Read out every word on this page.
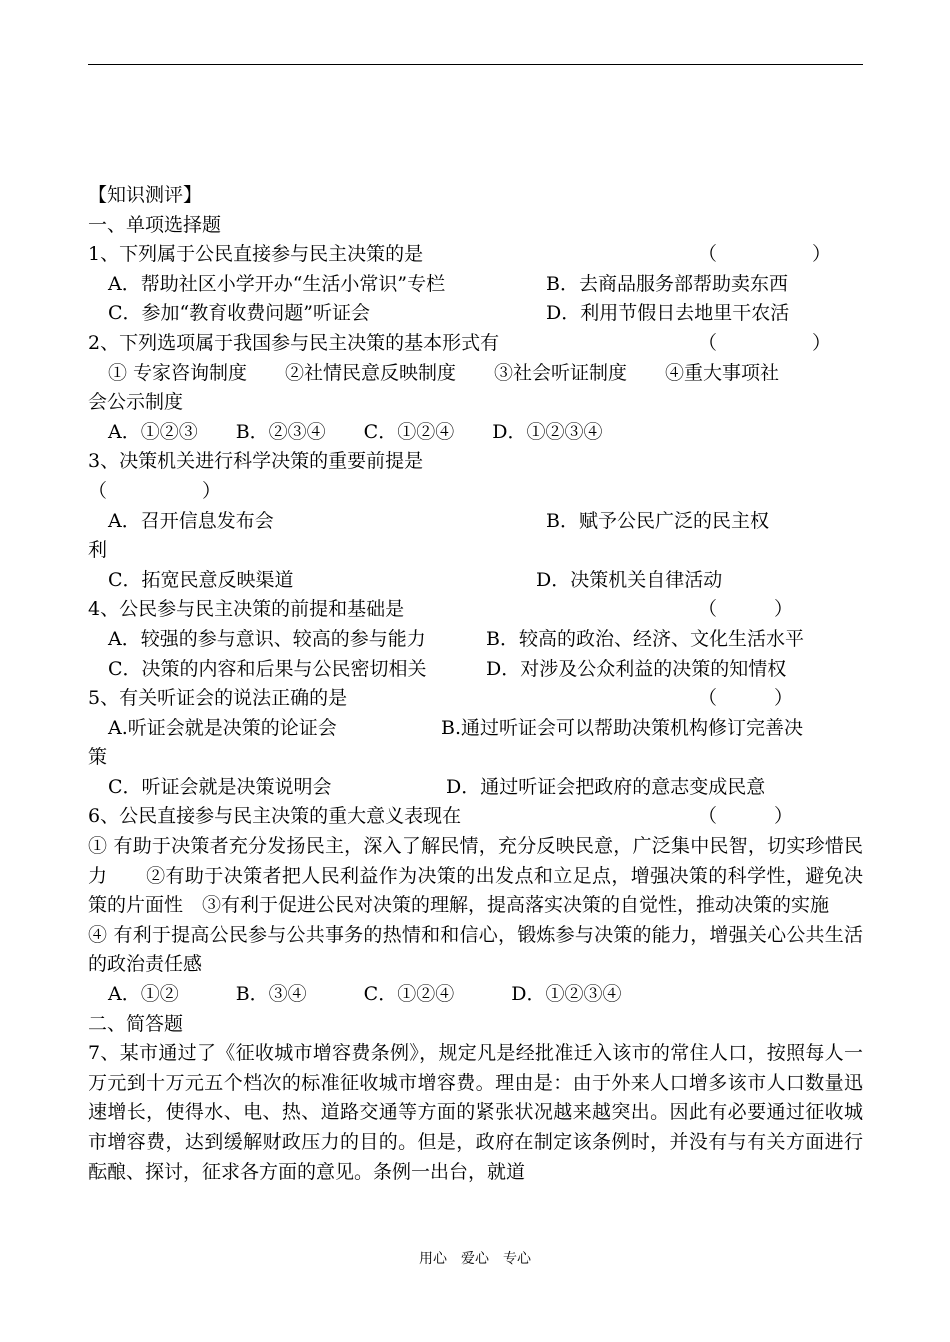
【知识测评】
一、单项选择题

1、下列属于公民直接参与民主决策的是

	（　　　　　）

A．帮助社区小学开办“生活小常识”专栏

	B．去商品服务部帮助卖东西

C．参加“教育收费问题”听证会

	D．利用节假日去地里干农活

2、下列选项属于我国参与民主决策的基本形式有

	（　　　　　）

① 专家咨询制度　　②社情民意反映制度　　③社会听证制度　　④重大事项社
会公示制度
A．①②③　　B．②③④　　C．①②④　　D．①②③④
3、决策机关进行科学决策的重要前提是
（　　　　　）

A．召开信息发布会

	B．赋予公民广泛的民主权

利

C．拓宽民意反映渠道

	D．决策机关自律活动

4、公民参与民主决策的前提和基础是

	（　　　）

A．较强的参与意识、较高的参与能力

	B．较高的政治、经济、文化生活水平

C．决策的内容和后果与公民密切相关

	D．对涉及公众利益的决策的知情权

5、有关听证会的说法正确的是

	（　　　）

A.听证会就是决策的论证会

	B.通过听证会可以帮助决策机构修订完善决

策

C．听证会就是决策说明会

	D．通过听证会把政府的意志变成民意

6、公民直接参与民主决策的重大意义表现在

	（　　　）

① 有助于决策者充分发扬民主，深入了解民情，充分反映民意，广泛集中民智，切实珍惜民力　　②有助于决策者把人民利益作为决策的出发点和立足点，增强决策的科学性，避免决策的片面性　③有利于促进公民对决策的理解，提高落实决策的自觉性，推动决策的实施
④ 有利于提高公民参与公共事务的热情和和信心，锻炼参与决策的能力，增强关心公共生活的政治责任感
A．①②　　　B．③④　　　C．①②④　　　D．①②③④
二、简答题
7、某市通过了《征收城市增容费条例》，规定凡是经批准迁入该市的常住人口，按照每人一万元到十万元五个档次的标准征收城市增容费。理由是：由于外来人口增多该市人口数量迅速增长，使得水、电、热、道路交通等方面的紧张状况越来越突出。因此有必要通过征收城市增容费，达到缓解财政压力的目的。但是，政府在制定该条例时，并没有与有关方面进行酝酿、探讨，征求各方面的意见。条例一出台，就道
用心　爱心　专心
